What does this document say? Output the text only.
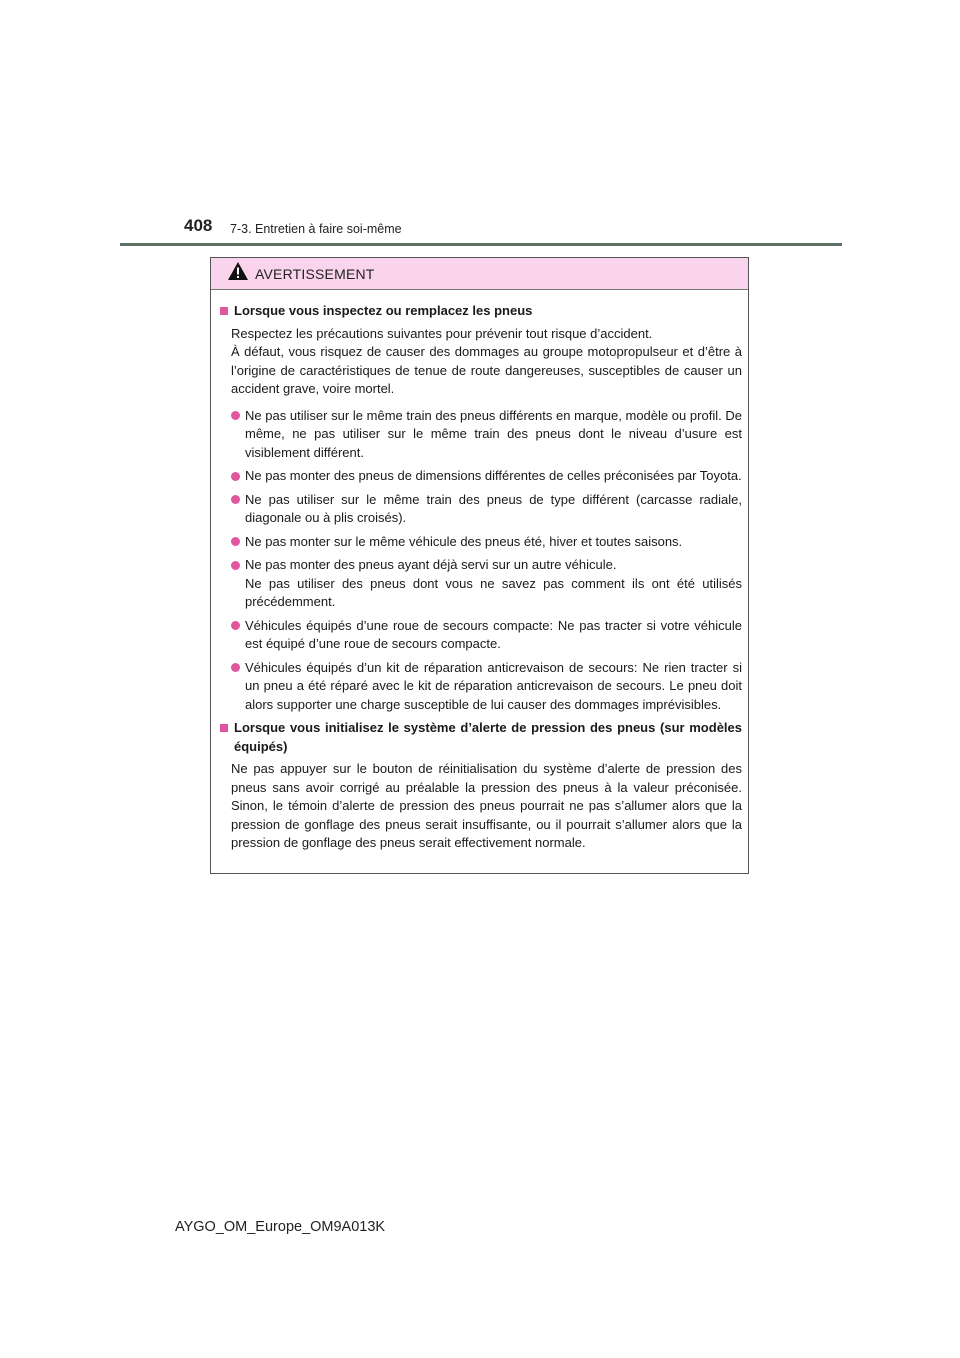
408 7-3. Entretien à faire soi-même
AVERTISSEMENT
Lorsque vous inspectez ou remplacez les pneus

Respectez les précautions suivantes pour prévenir tout risque d’accident.

À défaut, vous risquez de causer des dommages au groupe motopropulseur et d’être à l’origine de caractéristiques de tenue de route dangereuses, susceptibles de causer un accident grave, voire mortel.

Ne pas utiliser sur le même train des pneus différents en marque, modèle ou profil. De même, ne pas utiliser sur le même train des pneus dont le niveau d’usure est visiblement différent.

Ne pas monter des pneus de dimensions différentes de celles préconisées par Toyota.

Ne pas utiliser sur le même train des pneus de type différent (carcasse radiale, diagonale ou à plis croisés).

Ne pas monter sur le même véhicule des pneus été, hiver et toutes saisons.

Ne pas monter des pneus ayant déjà servi sur un autre véhicule.

Ne pas utiliser des pneus dont vous ne savez pas comment ils ont été utilisés précédemment.

Véhicules équipés d’une roue de secours compacte: Ne pas tracter si votre véhicule est équipé d’une roue de secours compacte.

Véhicules équipés d’un kit de réparation anticrevaison de secours: Ne rien tracter si un pneu a été réparé avec le kit de réparation anticrevaison de secours. Le pneu doit alors supporter une charge susceptible de lui causer des dommages imprévisibles.

Lorsque vous initialisez le système d’alerte de pression des pneus (sur modèles équipés)

Ne pas appuyer sur le bouton de réinitialisation du système d’alerte de pression des pneus sans avoir corrigé au préalable la pression des pneus à la valeur préconisée. Sinon, le témoin d’alerte de pression des pneus pourrait ne pas s’allumer alors que la pression de gonflage des pneus serait insuffisante, ou il pourrait s’allumer alors que la pression de gonflage des pneus serait effectivement normale.

AYGO_OM_Europe_OM9A013K
